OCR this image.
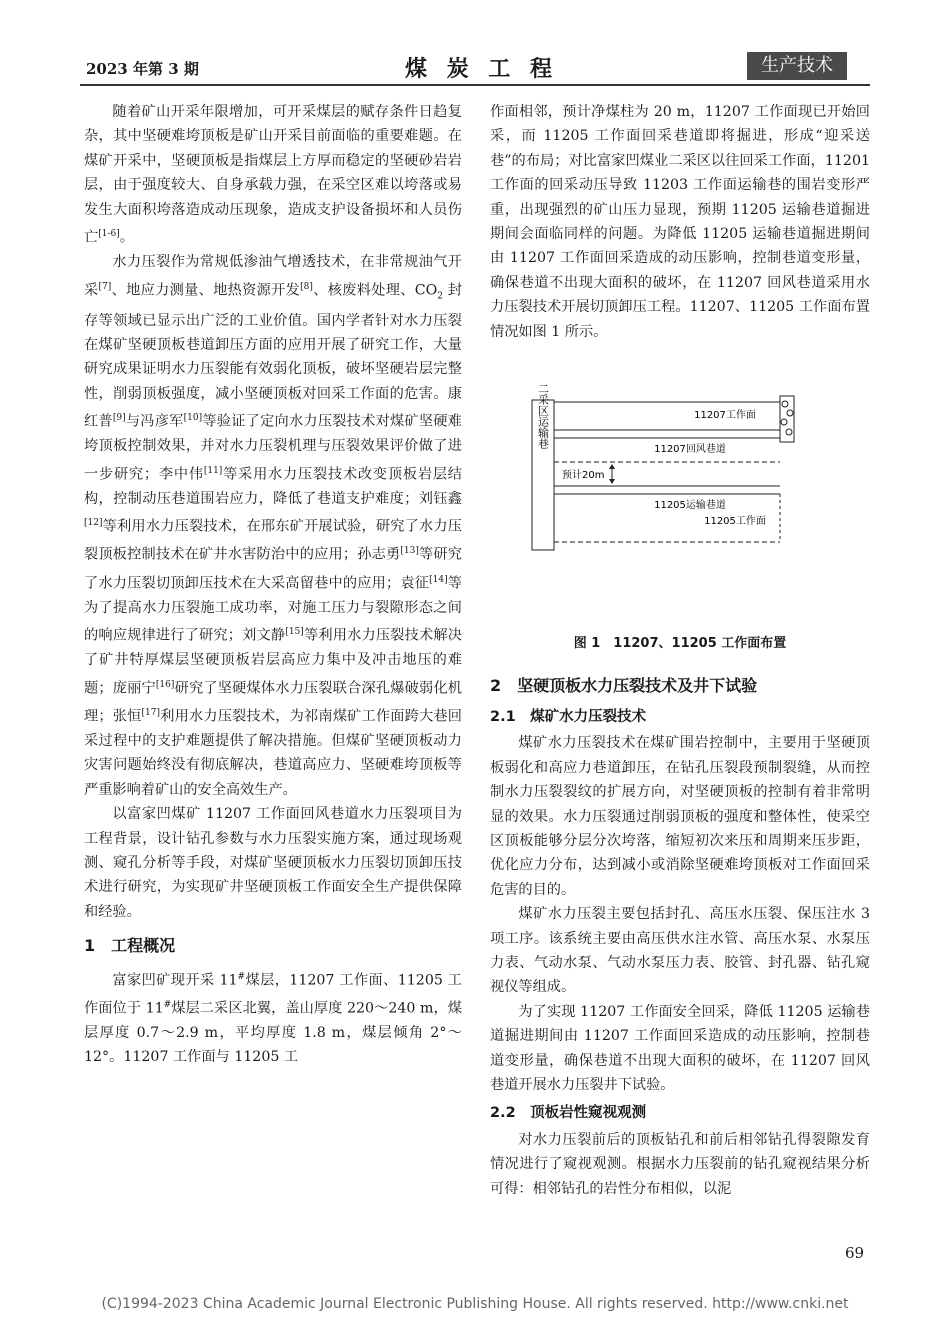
2023 年第 3 期	煤 炭 工 程	生产技术

随着矿山开采年限增加，可开采煤层的赋存条件日趋复杂，其中坚硬难垮顶板是矿山开采目前面临的重要难题。在煤矿开采中，坚硬顶板是指煤层上方厚而稳定的坚硬砂岩岩层，由于强度较大、自身承载力强，在采空区难以垮落或易发生大面积垮落造成动压现象，造成支护设备损坏和人员伤亡[1-6]。

水力压裂作为常规低渗油气增透技术，在非常规油气开采[7]、地应力测量、地热资源开发[8]、核废料处理、$CO_2$ 封存等领域已显示出广泛的工业价值。国内学者针对水力压裂在煤矿坚硬顶板巷道卸压方面的应用开展了研究工作，大量研究成果证明水力压裂能有效弱化顶板，破坏坚硬岩层完整性，削弱顶板强度，减小坚硬顶板对回采工作面的危害。康红普[9]与冯彦军[10]等验证了定向水力压裂技术对煤矿坚硬难垮顶板控制效果，并对水力压裂机理与压裂效果评价做了进一步研究；李中伟[11]等采用水力压裂技术改变顶板岩层结构，控制动压巷道围岩应力，降低了巷道支护难度；刘钰鑫[12]等利用水力压裂技术，在邢东矿开展试验，研究了水力压裂顶板控制技术在矿井水害防治中的应用；孙志勇[13]等研究了水力压裂切顶卸压技术在大采高留巷中的应用；袁征[14]等为了提高水力压裂施工成功率，对施工压力与裂隙形态之间的响应规律进行了研究；刘文静[15]等利用水力压裂技术解决了矿井特厚煤层坚硬顶板岩层高应力集中及冲击地压的难题；庞丽宁[16]研究了坚硬煤体水力压裂联合深孔爆破弱化机理；张恒[17]利用水力压裂技术，为祁南煤矿工作面跨大巷回采过程中的支护难题提供了解决措施。但煤矿坚硬顶板动力灾害问题始终没有彻底解决，巷道高应力、坚硬难垮顶板等严重影响着矿山的安全高效生产。

以富家凹煤矿 11207 工作面回风巷道水力压裂项目为工程背景，设计钻孔参数与水力压裂实施方案，通过现场观测、窥孔分析等手段，对煤矿坚硬顶板水力压裂切顶卸压技术进行研究，为实现矿井坚硬顶板工作面安全生产提供保障和经验。

1　工程概况

富家凹矿现开采 11#煤层，11207 工作面、11205 工作面位于 11#煤层二采区北翼，盖山厚度 220～240 m，煤层厚度 0.7～2.9 m，平均厚度 1.8 m，煤层倾角 2°～12°。11207 工作面与 11205 工

作面相邻，预计净煤柱为 20 m，11207 工作面现已开始回采，而 11205 工作面回采巷道即将掘进，形成“迎采送巷”的布局；对比富家凹煤业二采区以往回采工作面，11201 工作面的回采动压导致 11203 工作面运输巷的围岩变形严重，出现强烈的矿山压力显现，预期 11205 运输巷道掘进期间会面临同样的问题。为降低 11205 运输巷道掘进期间由 11207 工作面回采造成的动压影响，控制巷道变形量，确保巷道不出现大面积的破坏，在 11207 回风巷道采用水力压裂技术开展切顶卸压工程。11207、11205 工作面布置情况如图 1 所示。

二采区运输巷	11207工作面
11207回风巷道
预计20m
11205运输巷道
11205工作面
图 1　11207、11205 工作面布置
2　坚硬顶板水力压裂技术及井下试验
2.1　煤矿水力压裂技术

煤矿水力压裂技术在煤矿围岩控制中，主要用于坚硬顶板弱化和高应力巷道卸压，在钻孔压裂段预制裂缝，从而控制水力压裂裂纹的扩展方向，对坚硬顶板的控制有着非常明显的效果。水力压裂通过削弱顶板的强度和整体性，使采空区顶板能够分层分次垮落，缩短初次来压和周期来压步距，优化应力分布，达到减小或消除坚硬难垮顶板对工作面回采危害的目的。

煤矿水力压裂主要包括封孔、高压水压裂、保压注水 3 项工序。该系统主要由高压供水注水管、高压水泵、水泵压力表、气动水泵、气动水泵压力表、胶管、封孔器、钻孔窥视仪等组成。

为了实现 11207 工作面安全回采，降低 11205 运输巷道掘进期间由 11207 工作面回采造成的动压影响，控制巷道变形量，确保巷道不出现大面积的破坏，在 11207 回风巷道开展水力压裂井下试验。

2.2　顶板岩性窥视观测

对水力压裂前后的顶板钻孔和前后相邻钻孔得裂隙发育情况进行了窥视观测。根据水力压裂前的钻孔窥视结果分析可得：相邻钻孔的岩性分布相似，以泥

69
(C)1994-2023 China Academic Journal Electronic Publishing House. All rights reserved. http://www.cnki.net
